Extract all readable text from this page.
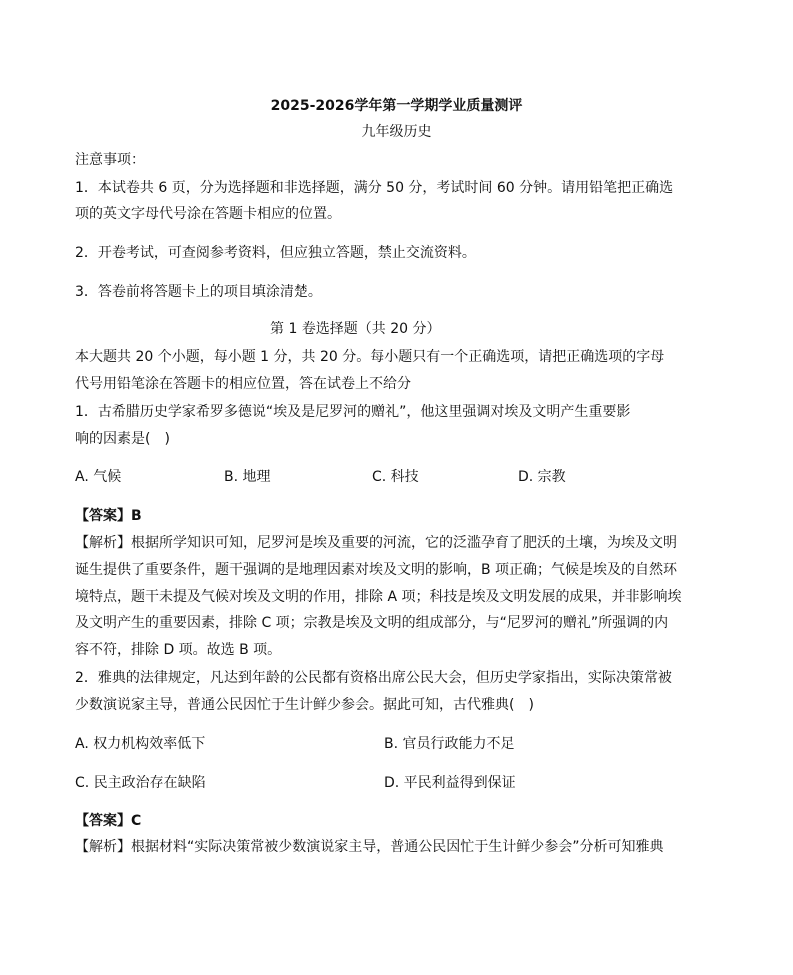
2025-2026学年第一学期学业质量测评
九年级历史
注意事项：
1．本试卷共 6 页，分为选择题和非选择题，满分 50 分，考试时间 60 分钟。请用铅笔把正确选
项的英文字母代号涂在答题卡相应的位置。
2．开卷考试，可查阅参考资料，但应独立答题，禁止交流资料。
3．答卷前将答题卡上的项目填涂清楚。
第 1 卷选择题（共 20 分）
本大题共 20 个小题，每小题 1 分，共 20 分。每小题只有一个正确选项，请把正确选项的字母
代号用铅笔涂在答题卡的相应位置，答在试卷上不给分
1．古希腊历史学家希罗多德说“埃及是尼罗河的赠礼”，他这里强调对埃及文明产生重要影
响的因素是(　)
A. 气候	B. 地理	C. 科技	D. 宗教
【答案】B
【解析】根据所学知识可知，尼罗河是埃及重要的河流，它的泛滥孕育了肥沃的土壤，为埃及文明
诞生提供了重要条件，题干强调的是地理因素对埃及文明的影响，B 项正确；气候是埃及的自然环
境特点，题干未提及气候对埃及文明的作用，排除 A 项；科技是埃及文明发展的成果，并非影响埃
及文明产生的重要因素，排除 C 项；宗教是埃及文明的组成部分，与“尼罗河的赠礼”所强调的内
容不符，排除 D 项。故选 B 项。
2．雅典的法律规定，凡达到年龄的公民都有资格出席公民大会，但历史学家指出，实际决策常被
少数演说家主导，普通公民因忙于生计鲜少参会。据此可知，古代雅典(　)
A. 权力机构效率低下	B. 官员行政能力不足
C. 民主政治存在缺陷	D. 平民利益得到保证
【答案】C
【解析】根据材料“实际决策常被少数演说家主导，普通公民因忙于生计鲜少参会”分析可知雅典
